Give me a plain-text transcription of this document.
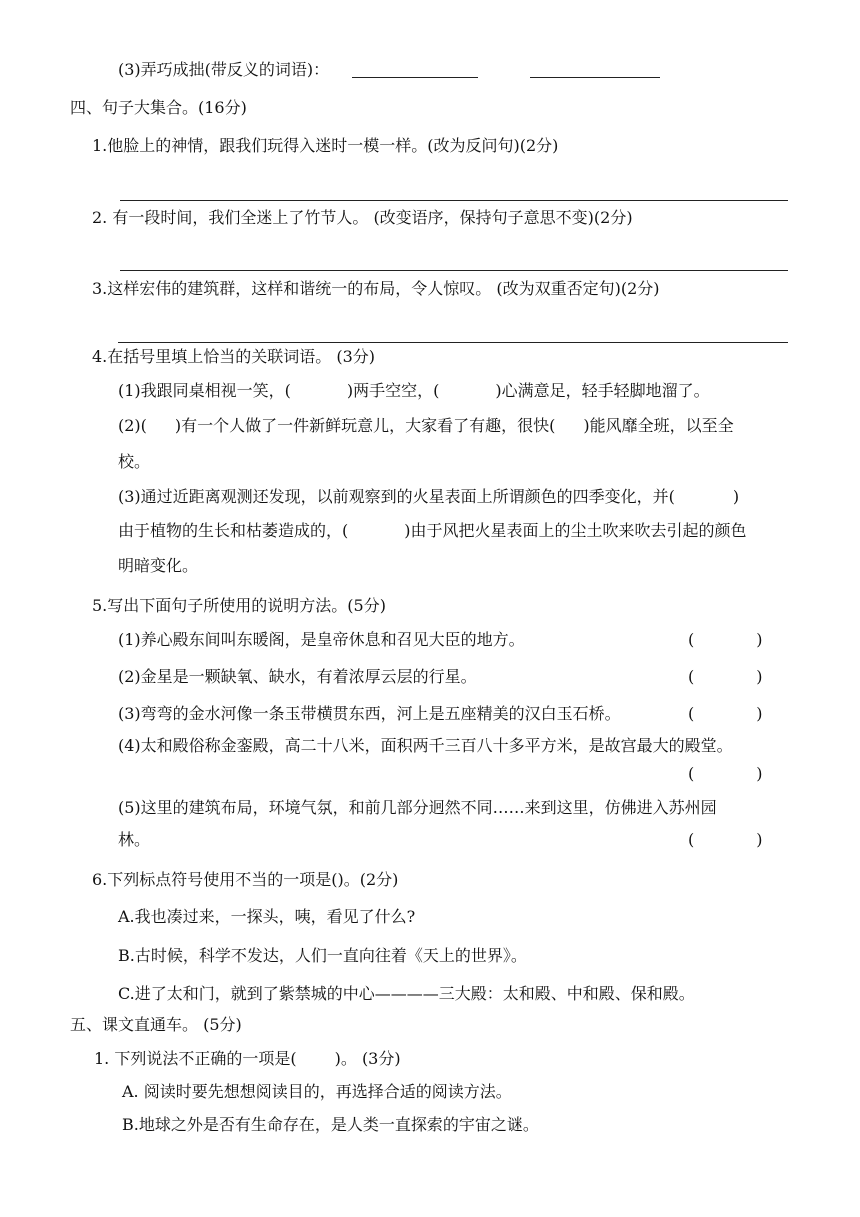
(3)弄巧成拙(带反义的词语)：
四、句子大集合。(16分)
1.他脸上的神情，跟我们玩得入迷时一模一样。(改为反问句)(2分)
2. 有一段时间，我们全迷上了竹节人。 (改变语序，保持句子意思不变)(2分)
3.这样宏伟的建筑群，这样和谐统一的布局，令人惊叹。 (改为双重否定句)(2分)
4.在括号里填上恰当的关联词语。 (3分)
(1)我跟同桌相视一笑，(	)两手空空，(	)心满意足，轻手轻脚地溜了。
(2)( )有一个人做了一件新鲜玩意儿，大家看了有趣，很快( )能风靡全班，以至全
校。
(3)通过近距离观测还发现，以前观察到的火星表面上所谓颜色的四季变化，并(	)
由于植物的生长和枯萎造成的，(	)由于风把火星表面上的尘土吹来吹去引起的颜色
明暗变化。
5.写出下面句子所使用的说明方法。(5分)
(1)养心殿东间叫东暖阁，是皇帝休息和召见大臣的地方。	(	)
(2)金星是一颗缺氧、缺水，有着浓厚云层的行星。	(	)
(3)弯弯的金水河像一条玉带横贯东西，河上是五座精美的汉白玉石桥。	(	)
(4)太和殿俗称金銮殿，高二十八米，面积两千三百八十多平方米，是故宫最大的殿堂。
(	)
(5)这里的建筑布局，环境气氛，和前几部分迥然不同……来到这里，仿佛进入苏州园
林。	(	)
6.下列标点符号使用不当的一项是()。(2分)
A.我也凑过来，一探头，咦，看见了什么?
B.古时候，科学不发达，人们一直向往着《天上的世界》。
C.进了太和门，就到了紫禁城的中心————三大殿：太和殿、中和殿、保和殿。
五、课文直通车。 (5分)
1. 下列说法不正确的一项是( )。 (3分)
A. 阅读时要先想想阅读目的，再选择合适的阅读方法。
B.地球之外是否有生命存在，是人类一直探索的宇宙之谜。
